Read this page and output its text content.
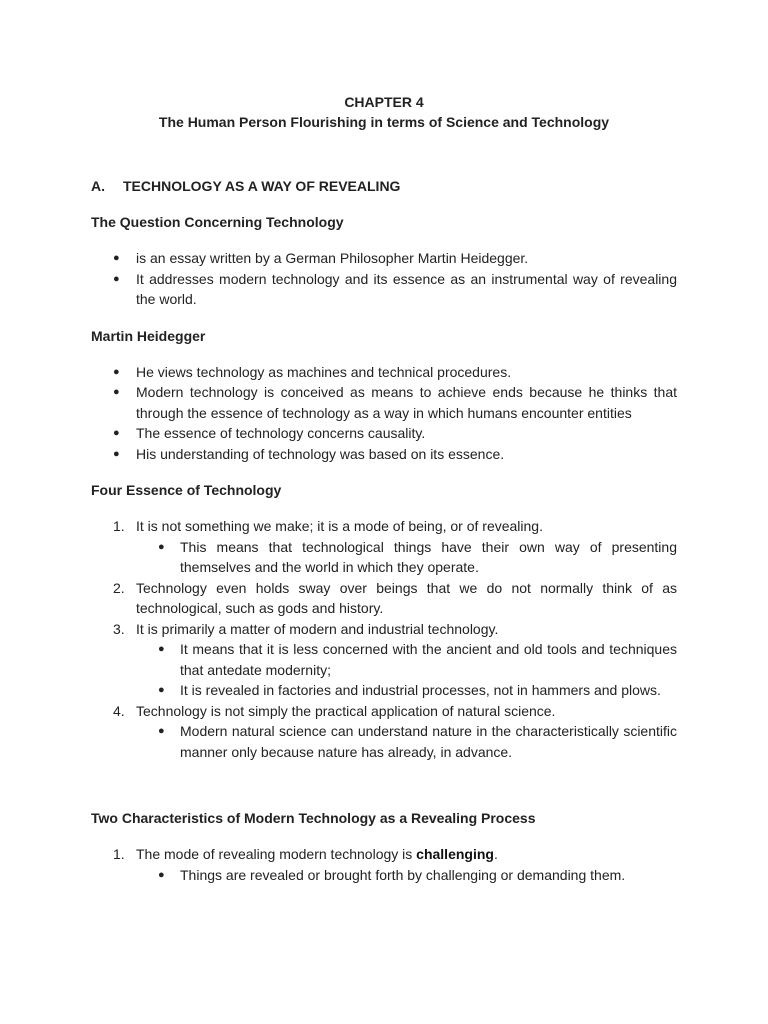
CHAPTER 4
The Human Person Flourishing in terms of Science and Technology

A. TECHNOLOGY AS A WAY OF REVEALING

The Question Concerning Technology

● is an essay written by a German Philosopher Martin Heidegger.
● It addresses modern technology and its essence as an instrumental way of revealing the world.

Martin Heidegger

● He views technology as machines and technical procedures.
● Modern technology is conceived as means to achieve ends because he thinks that through the essence of technology as a way in which humans encounter entities
● The essence of technology concerns causality.
● His understanding of technology was based on its essence.

Four Essence of Technology

1. It is not something we make; it is a mode of being, or of revealing.
● This means that technological things have their own way of presenting themselves and the world in which they operate.
2. Technology even holds sway over beings that we do not normally think of as technological, such as gods and history.
3. It is primarily a matter of modern and industrial technology.
● It means that it is less concerned with the ancient and old tools and techniques that antedate modernity;
● It is revealed in factories and industrial processes, not in hammers and plows.
4. Technology is not simply the practical application of natural science.
● Modern natural science can understand nature in the characteristically scientific manner only because nature has already, in advance.

Two Characteristics of Modern Technology as a Revealing Process

1. The mode of revealing modern technology is challenging.
● Things are revealed or brought forth by challenging or demanding them.
